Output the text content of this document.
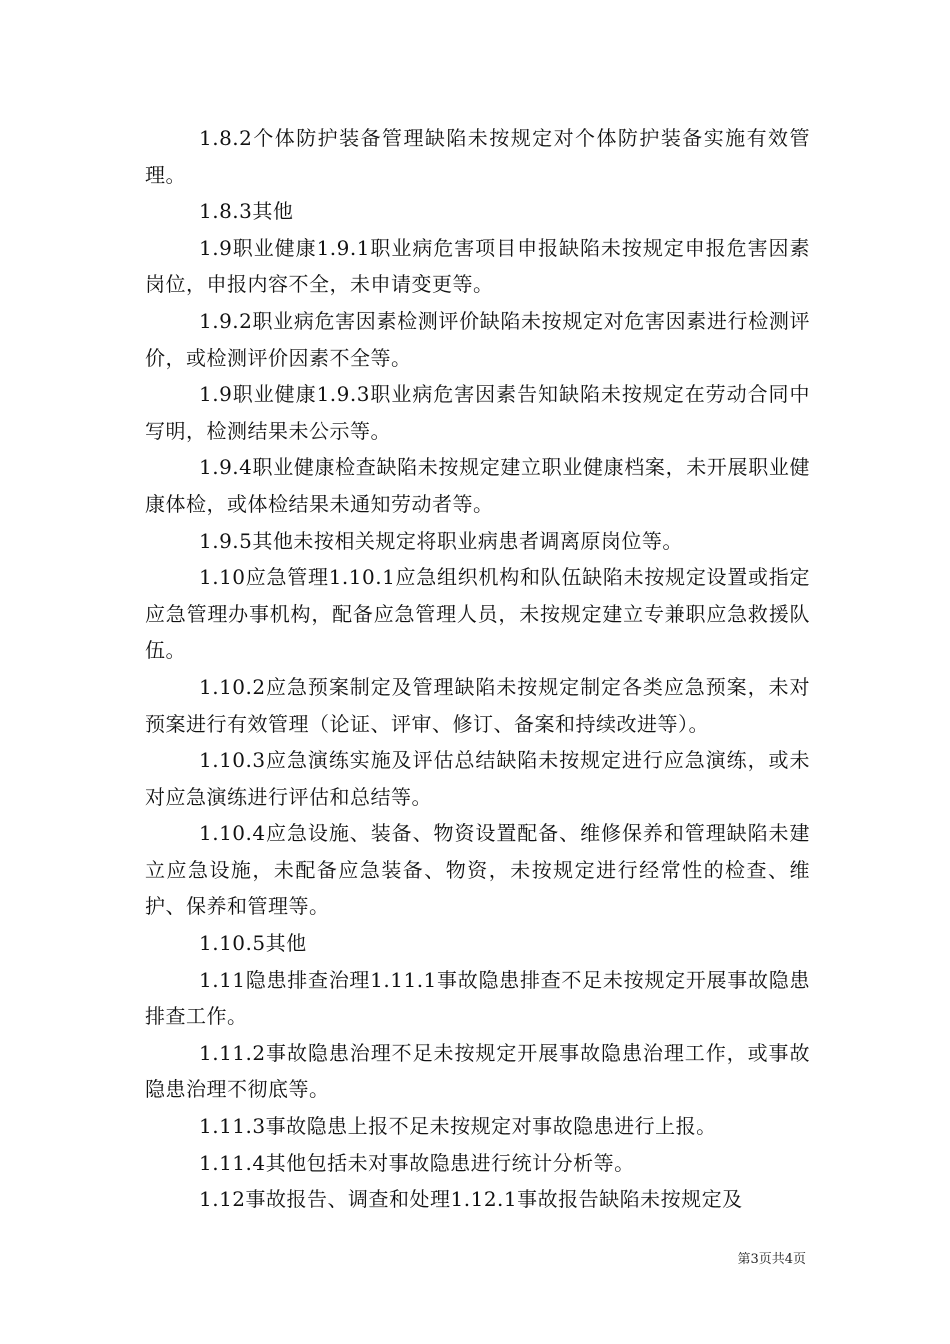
1.8.2个体防护装备管理缺陷未按规定对个体防护装备实施有效管理。

1.8.3其他

1.9职业健康1.9.1职业病危害项目申报缺陷未按规定申报危害因素岗位，申报内容不全，未申请变更等。

1.9.2职业病危害因素检测评价缺陷未按规定对危害因素进行检测评价，或检测评价因素不全等。

1.9职业健康1.9.3职业病危害因素告知缺陷未按规定在劳动合同中写明，检测结果未公示等。

1.9.4职业健康检查缺陷未按规定建立职业健康档案，未开展职业健康体检，或体检结果未通知劳动者等。

1.9.5其他未按相关规定将职业病患者调离原岗位等。

1.10应急管理1.10.1应急组织机构和队伍缺陷未按规定设置或指定应急管理办事机构，配备应急管理人员，未按规定建立专兼职应急救援队伍。

1.10.2应急预案制定及管理缺陷未按规定制定各类应急预案，未对预案进行有效管理（论证、评审、修订、备案和持续改进等）。

1.10.3应急演练实施及评估总结缺陷未按规定进行应急演练，或未对应急演练进行评估和总结等。

1.10.4应急设施、装备、物资设置配备、维修保养和管理缺陷未建立应急设施，未配备应急装备、物资，未按规定进行经常性的检查、维护、保养和管理等。

1.10.5其他

1.11隐患排查治理1.11.1事故隐患排查不足未按规定开展事故隐患排查工作。

1.11.2事故隐患治理不足未按规定开展事故隐患治理工作，或事故隐患治理不彻底等。

1.11.3事故隐患上报不足未按规定对事故隐患进行上报。

1.11.4其他包括未对事故隐患进行统计分析等。

1.12事故报告、调查和处理1.12.1事故报告缺陷未按规定及

第3页共4页
